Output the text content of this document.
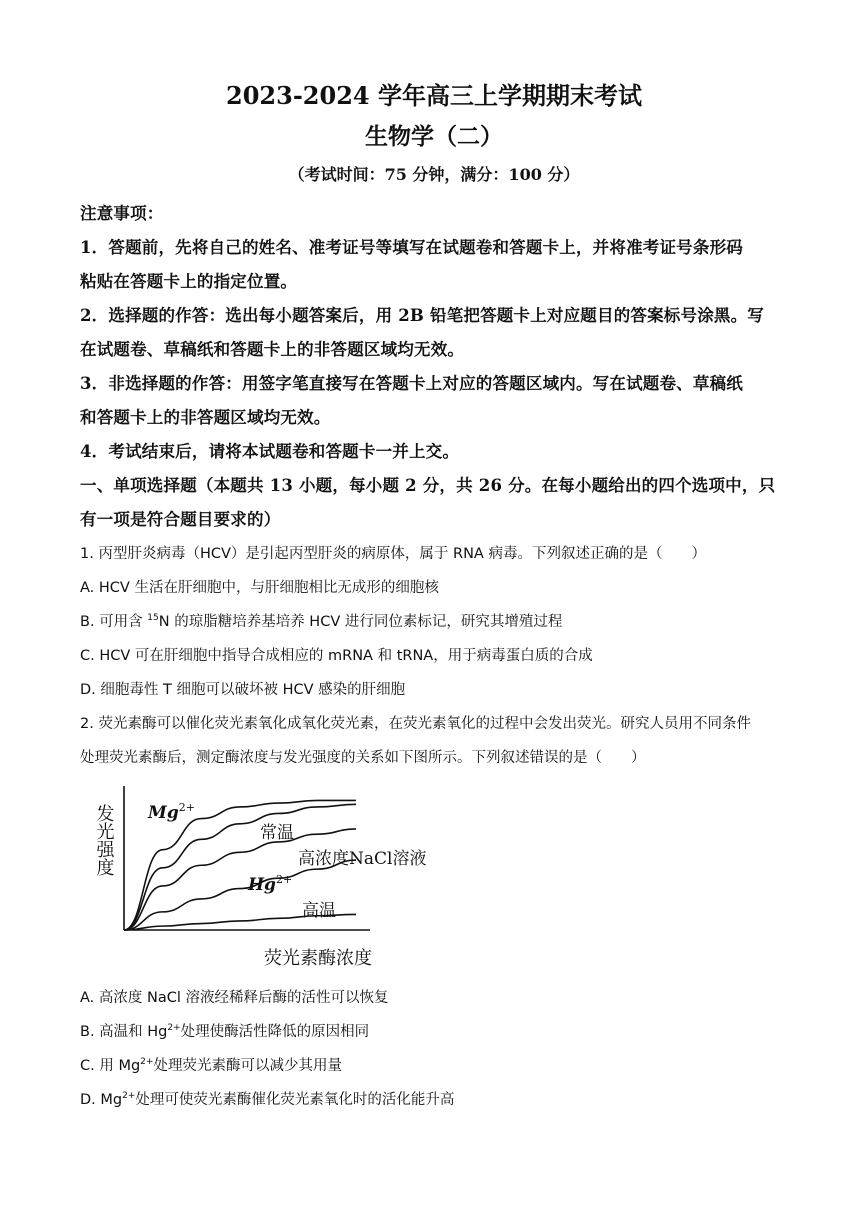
2023-2024 学年高三上学期期末考试
生物学（二）
（考试时间：75 分钟，满分：100 分）
注意事项：
1．答题前，先将自己的姓名、准考证号等填写在试题卷和答题卡上，并将准考证号条形码
粘贴在答题卡上的指定位置。
2．选择题的作答：选出每小题答案后，用 2B 铅笔把答题卡上对应题目的答案标号涂黑。写
在试题卷、草稿纸和答题卡上的非答题区域均无效。
3．非选择题的作答：用签字笔直接写在答题卡上对应的答题区域内。写在试题卷、草稿纸
和答题卡上的非答题区域均无效。
4．考试结束后，请将本试题卷和答题卡一并上交。
一、单项选择题（本题共 13 小题，每小题 2 分，共 26 分。在每小题给出的四个选项中，只
有一项是符合题目要求的）
1. 丙型肝炎病毒（HCV）是引起丙型肝炎的病原体，属于 RNA 病毒。下列叙述正确的是（　　）
A. HCV 生活在肝细胞中，与肝细胞相比无成形的细胞核
B. 可用含 $^{15}$N 的琼脂糖培养基培养 HCV 进行同位素标记，研究其增殖过程
C. HCV 可在肝细胞中指导合成相应的 mRNA 和 tRNA，用于病毒蛋白质的合成
D. 细胞毒性 T 细胞可以破坏被 HCV 感染的肝细胞
2. 荧光素酶可以催化荧光素氧化成氧化荧光素，在荧光素氧化的过程中会发出荧光。研究人员用不同条件
处理荧光素酶后，测定酶浓度与发光强度的关系如下图所示。下列叙述错误的是（　　）
发光强度
荧光素酶浓度
$Mg^{2+}$
常温
高浓度NaCl溶液
$Hg^{2+}$
高温
A. 高浓度 NaCl 溶液经稀释后酶的活性可以恢复
B. 高温和 $Hg^{2+}$处理使酶活性降低的原因相同
C. 用 $Mg^{2+}$处理荧光素酶可以减少其用量
D. $Mg^{2+}$处理可使荧光素酶催化荧光素氧化时的活化能升高
